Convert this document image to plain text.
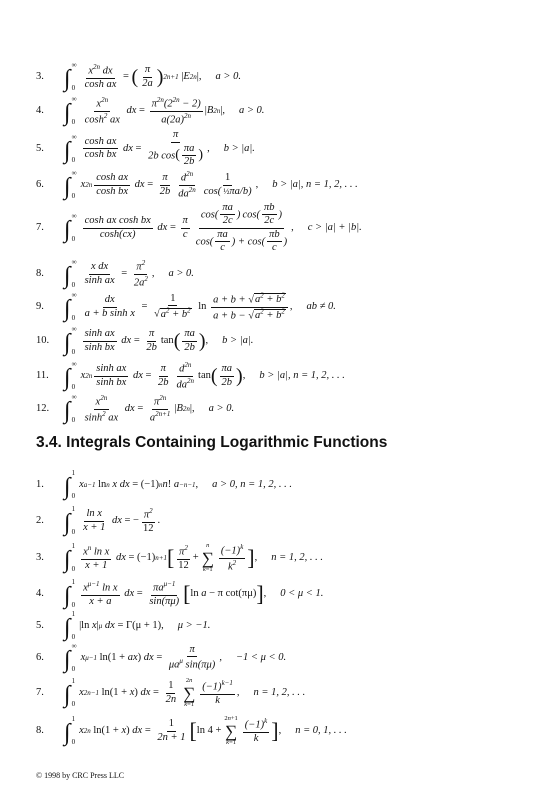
3. ∫
∞
$0 \frac{x^{2n} dx}{\text{cosh ax}}$ = ( $\frac{\pi}{2a}$ ) 2n+1 | E 2n |, a > 0.
4. ∫
∞
$0 \frac{x^{2n}}{\cosh^2 ax}$ dx = $\frac{\pi^{2n}(2^{2n} - 2)}{a(2a)^{2n}}$ | B 2n |, a > 0.
5. ∫
∞
$0 \frac{\text{cosh ax}}{\text{cosh bx}}$ dx = $\frac{\pi}{2b \cos( \frac{\pi a}{2b} )}$ , b > |a|.
6. ∫
∞
0
x $2n \frac{\text{cosh ax}}{\text{cosh bx}}$ dx = $\frac{\pi}{2b} \frac{d^{2n}}{da^{2n}} \frac{1}{\text{cos( ½πa/b)}}$ , b > |a|, n = 1, 2, . . .
7. ∫
∞
$0 \frac{\text{cosh ax cosh bx}}{\cosh(cx)}$ dx = $\frac{\pi}{c} \frac{\cos( \frac{\pi a}{2c} ) \cos( \frac{\pi b}{2c} )}{\cos( \frac{\pi a}{c} ) + \cos( \frac{\pi b}{c} )}$ , c > |a| + |b|.
8. ∫
∞
$0 \frac{\text{x dx}}{\text{sinh ax}} = \frac{\pi^2}{2a^2}$ , a > 0.
9. ∫
∞
$0 \frac{dx}{\text{a + b sinh x}} = \frac{1}{√a^2 + b^2}$ $\ln \frac{a + b + √a^2 + b^2}{a + b - √a^2 + b^2}$ , ab ≠ 0.
10. ∫
∞
$0 \frac{\text{sinh ax}}{\text{sinh bx}}$ dx = $\frac{\pi}{2b}$ tan ( $\frac{\pi a}{2b}$ ) , b > |a|.
11. ∫
∞
0
x $2n \frac{\text{sinh ax}}{\text{sinh bx}}$ dx = $\frac{\pi}{2b} \frac{d^{2n}}{da^{2n}}$ tan ( $\frac{\pi a}{2b}$ ) , b > |a|, n = 1, 2, . . .
12. ∫
∞
$0 \frac{x^{2n}}{\sinh^2 ax}$ dx = $\frac{\pi^{2n}}{a^{2n+1}}$ | B 2n |, a > 0.
3.4. Integrals Containing Logarithmic Functions
1. ∫
1
0
x a−1 ln n
x dx = (−1) n n ! a −n−1 , a > 0, n = 1, 2, . . .
2. ∫
1
$0 \frac{\text{ln x}}{x + 1}$ dx = − $\frac{\pi^2}{12}$ .
3. ∫
1
$0 \frac{x^n \ln x}{x + 1}$ dx = (−1) n+1 [ $\frac{\pi^2}{12}$ +
n
∑
$k=1 \frac{(-1)^k}{k^2}$ ] , n = 1, 2, . . .
4. ∫
1
$0 \frac{x^{\mu-1} \ln x}{x + a}$ dx = $\frac{\pi a^{\mu-1}}{\sin(\pi\mu)}$ [ ln a − π cot(πμ) ] , 0 < μ < 1.
5. ∫
1
0
|ln x | μ
dx = Γ(μ + 1), μ > −1.
6. ∫
∞
0
x μ−1 ln(1 + ax ) dx = $\frac{\pi}{\mu a^\mu \sin(\pi\mu)}$ , −1 < μ < 0.
7. ∫
1
0
x 2n−1 ln(1 + x ) dx = $\frac{1}{2n}$
2n
∑
$k=1 \frac{(-1)^{k-1}}{k}$ , n = 1, 2, . . .
8. ∫
1
0
x 2n ln(1 + x ) dx = $\frac{1}{2n + 1}$ [ ln 4 +
2n+1
∑
$k=1 \frac{(-1)^k}{k}$ ] , n = 0, 1, . . .
© 1998 by CRC Press LLC
